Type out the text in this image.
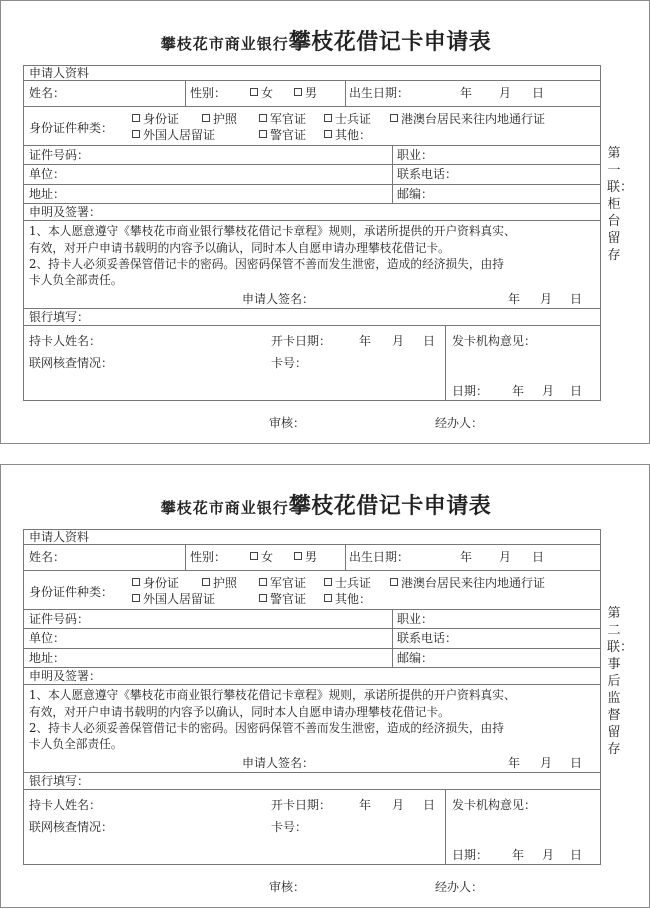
攀枝花市商业银行攀枝花借记卡申请表
申请人资料
姓名：	性别：	女	男	出生日期：	年 月 日
身份证件种类：
身份证	护照	军官证	士兵证	港澳台居民来往内地通行证
外国人居留证	警官证	其他：
证件号码：	职业：
单位：	联系电话：
地址：	邮编：
申明及签署：
1、本人愿意遵守《攀枝花市商业银行攀枝花借记卡章程》规则，承诺所提供的开户资料真实、
有效，对开户申请书载明的内容予以确认，同时本人自愿申请办理攀枝花借记卡。
2、持卡人必须妥善保管借记卡的密码。因密码保管不善而发生泄密，造成的经济损失，由持
卡人负全部责任。
申请人签名：	年 月 日
银行填写：
持卡人姓名：	开卡日期： 年 月 日
联网核查情况：	卡号：
发卡机构意见：
日期： 年 月 日
第一联：柜台留存
审核：	经办人：
攀枝花市商业银行攀枝花借记卡申请表
申请人资料
姓名：	性别：	女	男	出生日期：	年 月 日
身份证件种类：
身份证	护照	军官证	士兵证	港澳台居民来往内地通行证
外国人居留证	警官证	其他：
证件号码：	职业：
单位：	联系电话：
地址：	邮编：
申明及签署：
1、本人愿意遵守《攀枝花市商业银行攀枝花借记卡章程》规则，承诺所提供的开户资料真实、
有效，对开户申请书载明的内容予以确认，同时本人自愿申请办理攀枝花借记卡。
2、持卡人必须妥善保管借记卡的密码。因密码保管不善而发生泄密，造成的经济损失，由持
卡人负全部责任。
申请人签名：	年 月 日
银行填写：
持卡人姓名：	开卡日期： 年 月 日
联网核查情况：	卡号：
发卡机构意见：
日期： 年 月 日
第二联：事后监督留存
审核：	经办人：
